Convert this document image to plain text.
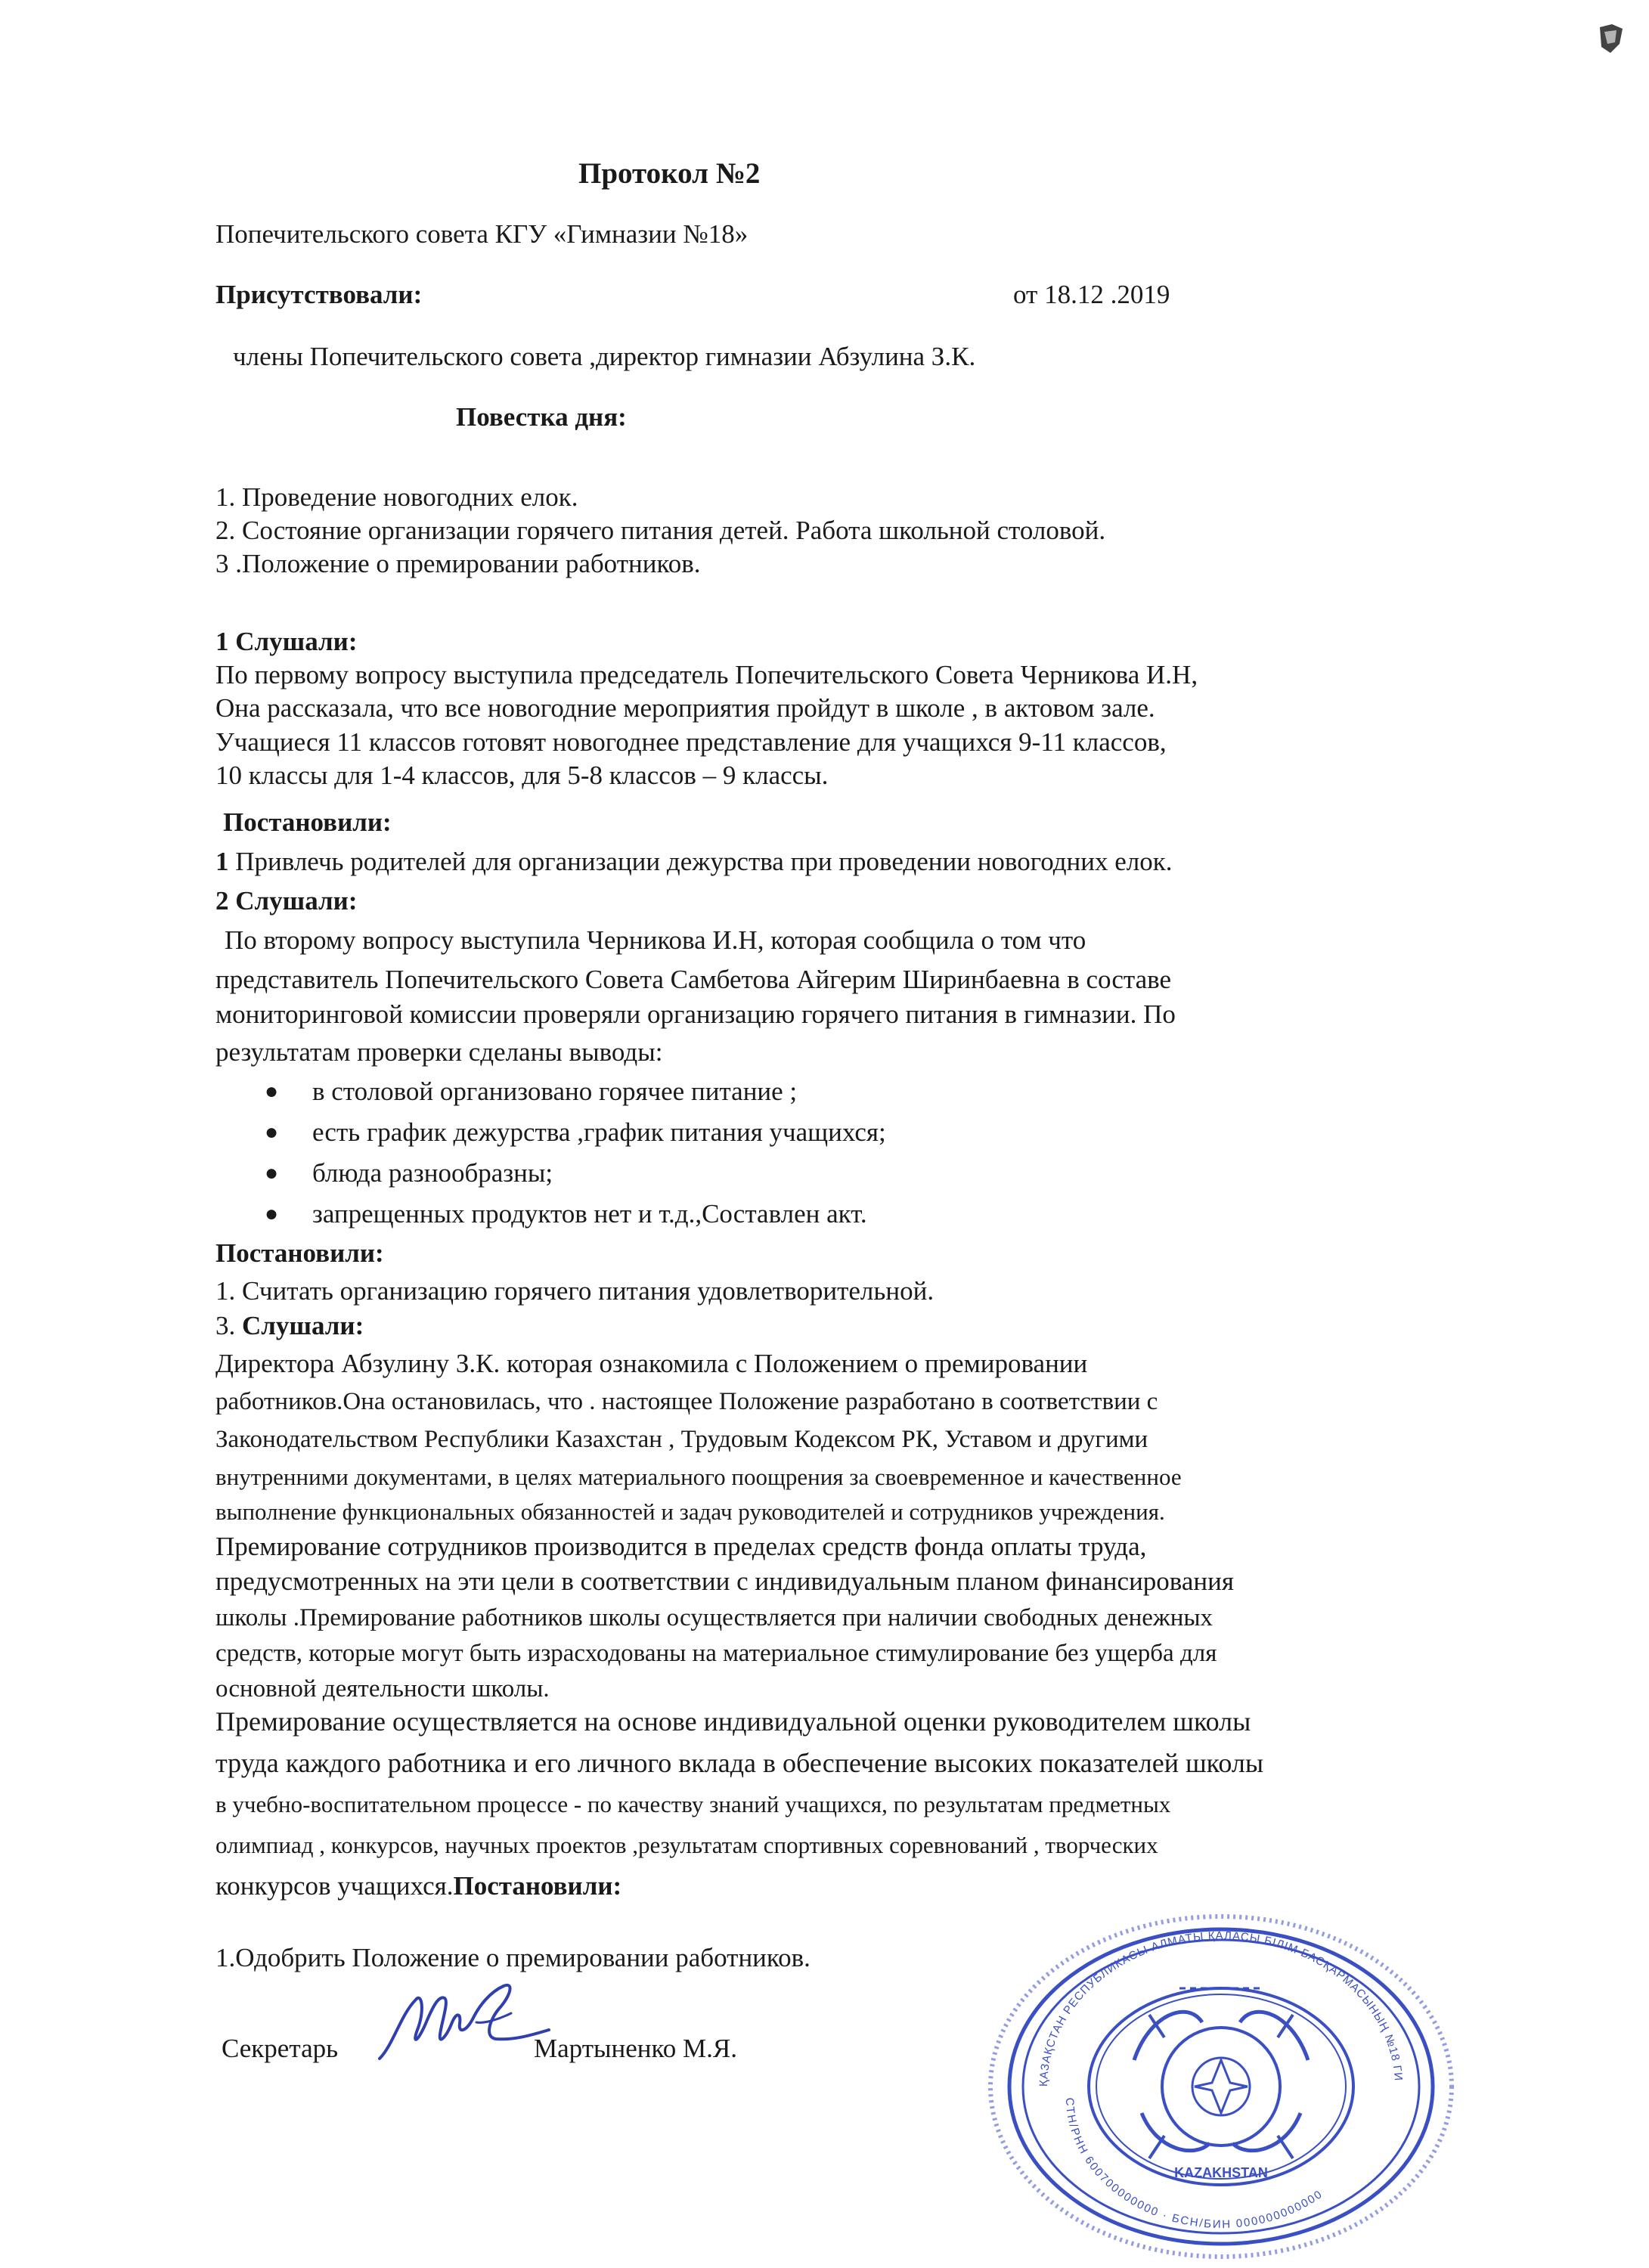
Протокол №2
Попечительского совета КГУ «Гимназии №18»
Присутствовали:	от 18.12 .2019
члены Попечительского совета ,директор гимназии Абзулина З.К.
Повестка дня:
1. Проведение новогодних елок.
2. Состояние организации горячего питания детей. Работа школьной столовой.
3 .Положение о премировании работников.
1 Слушали:
По первому вопросу выступила председатель Попечительского Совета Черникова И.Н,
Она рассказала, что все новогодние мероприятия пройдут в школе , в актовом зале.
Учащиеся 11 классов готовят новогоднее представление для учащихся 9-11 классов,
10 классы для 1-4 классов, для 5-8 классов – 9 классы.
Постановили:
1 Привлечь родителей для организации дежурства при проведении новогодних елок.
2 Слушали:
По второму вопросу выступила Черникова И.Н, которая сообщила о том что
представитель Попечительского Совета Самбетова Айгерим Ширинбаевна в составе
мониторинговой комиссии проверяли организацию горячего питания в гимназии. По
результатам проверки сделаны выводы:
● в столовой организовано горячее питание ;
● есть график дежурства ,график питания учащихся;
● блюда разнообразны;
● запрещенных продуктов нет и т.д.,Составлен акт.
Постановили:
1. Считать организацию горячего питания удовлетворительной.
3. Слушали:
Директора Абзулину З.К. которая ознакомила с Положением о премировании
работников.Она остановилась, что . настоящее Положение разработано в соответствии с
Законодательством Республики Казахстан , Трудовым Кодексом РК, Уставом и другими
внутренними документами, в целях материального поощрения за своевременное и качественное
выполнение функциональных обязанностей и задач руководителей и сотрудников учреждения.
Премирование сотрудников производится в пределах средств фонда оплаты труда,
предусмотренных на эти цели в соответствии с индивидуальным планом финансирования
школы .Премирование работников школы осуществляется при наличии свободных денежных
средств, которые могут быть израсходованы на материальное стимулирование без ущерба для
основной деятельности школы.
Премирование осуществляется на основе индивидуальной оценки руководителем школы
труда каждого работника и его личного вклада в обеспечение высоких показателей школы
в учебно-воспитательном процессе - по качеству знаний учащихся, по результатам предметных
олимпиад , конкурсов, научных проектов ,результатам спортивных соревнований , творческих
конкурсов учащихся.Постановили:
1.Одобрить Положение о премировании работников.
Секретарь	Мартыненко М.Я.
ҚАЗАҚСТАН РЕСПУБЛИКАСЫ АЛМАТЫ ҚАЛАСЫ БІЛІМ БАСҚАРМАСЫНЫҢ №18 ГИ
СТН/РНН 600700000000 · БСН/БИН 000000000000
KAZAKHSTAN
